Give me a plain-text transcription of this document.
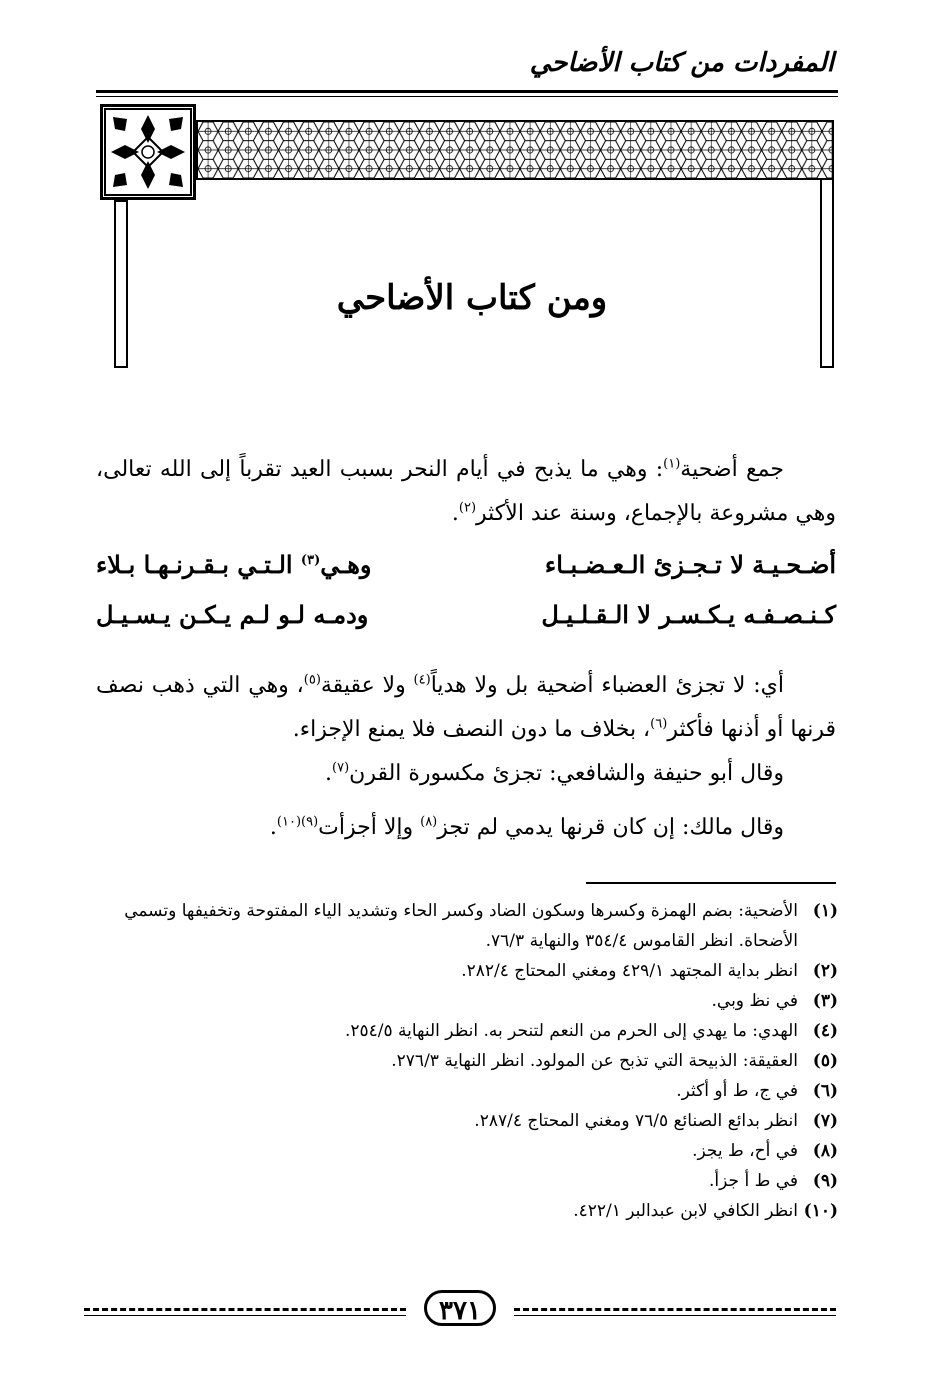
المفردات من كتاب الأضاحي
ومن كتاب الأضاحي
جمع أضحية$^{(١)}$: وهي ما يذبح في أيام النحر بسبب العيد تقرباً إلى الله تعالى، وهي مشروعة بالإجماع، وسنة عند الأكثر$^{(٢)}$.
أضـحـيـة لا تـجـزئ الـعـضـبـاء
وهـي$^{(٣)}$ الـتـي بـقـرنـهـا بـلاء
كـنـصـفـه يـكـسـر لا الـقـلـيـل
ودمـه لـو لـم يـكـن يـسـيـل
أي: لا تجزئ العضباء أضحية بل ولا هدياً$^{(٤)}$ ولا عقيقة$^{(٥)}$، وهي التي ذهب نصف قرنها أو أذنها فأكثر$^{(٦)}$، بخلاف ما دون النصف فلا يمنع الإجزاء.
وقال أبو حنيفة والشافعي: تجزئ مكسورة القرن$^{(٧)}$.
وقال مالك: إن كان قرنها يدمي لم تجز$^{(٨)}$ وإلا أجزأت$^{(٩)(١٠)}$.
(١)
الأضحية: بضم الهمزة وكسرها وسكون الضاد وكسر الحاء وتشديد الياء المفتوحة وتخفيفها وتسمي الأضحاة. انظر القاموس ٣٥٤/٤ والنهاية ٧٦/٣.
(٢)
انظر بداية المجتهد ٤٢٩/١ ومغني المحتاج ٢٨٢/٤.
(٣)
في نظ وبي.
(٤)
الهدي: ما يهدي إلى الحرم من النعم لتنحر به. انظر النهاية ٢٥٤/٥.
(٥)
العقيقة: الذبيحة التي تذبح عن المولود. انظر النهاية ٢٧٦/٣.
(٦)
في ج، ط أو أكثر.
(٧)
انظر بدائع الصنائع ٧٦/٥ ومغني المحتاج ٢٨٧/٤.
(٨)
في أح، ط يجز.
(٩)
في ط أ جزأ.
(١٠)
انظر الكافي لابن عبدالبر ٤٢٢/١.
٣٧١
